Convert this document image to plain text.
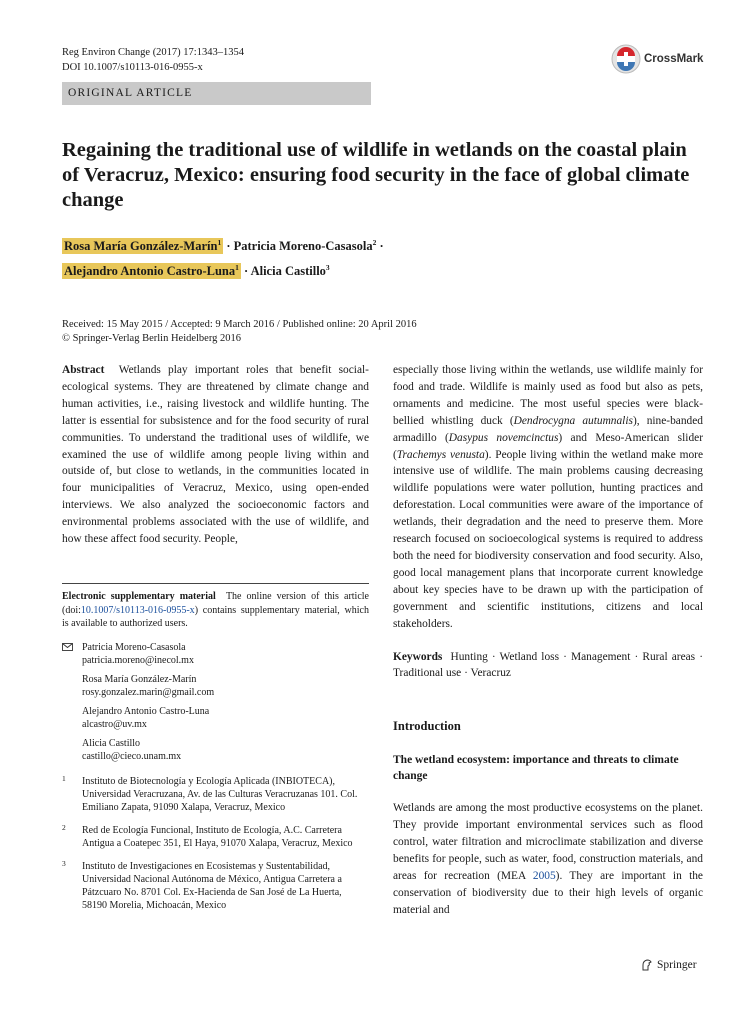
Reg Environ Change (2017) 17:1343–1354
DOI 10.1007/s10113-016-0955-x
CrossMark
ORIGINAL ARTICLE
Regaining the traditional use of wildlife in wetlands on the coastal plain of Veracruz, Mexico: ensuring food security in the face of global climate change
Rosa María González-Marín$^1$ · Patricia Moreno-Casasola$^2$ ·
Alejandro Antonio Castro-Luna$^1$ · Alicia Castillo$^3$
Received: 15 May 2015 / Accepted: 9 March 2016 / Published online: 20 April 2016
© Springer-Verlag Berlin Heidelberg 2016

Abstract Wetlands play important roles that benefit social-ecological systems. They are threatened by climate change and human activities, i.e., raising livestock and wildlife hunting. The latter is essential for subsistence and for the food security of rural communities. To understand the traditional uses of wildlife, we examined the use of wildlife among people living within and outside of, but close to wetlands, in the communities located in four municipalities of Veracruz, Mexico, using open-ended interviews. We also analyzed the socioeconomic factors and environmental problems associated with the use of wildlife, and how these affect food security. People,

Electronic supplementary material The online version of this article (doi:10.1007/s10113-016-0955-x) contains supplementary material, which is available to authorized users.
Patricia Moreno-Casasola
patricia.moreno@inecol.mx
Rosa María González-Marín
rosy.gonzalez.marin@gmail.com
Alejandro Antonio Castro-Luna
alcastro@uv.mx
Alicia Castillo
castillo@cieco.unam.mx
1 Instituto de Biotecnología y Ecología Aplicada (INBIOTECA), Universidad Veracruzana, Av. de las Culturas Veracruzanas 101. Col. Emiliano Zapata, 91090 Xalapa, Veracruz, Mexico
2 Red de Ecología Funcional, Instituto de Ecología, A.C. Carretera Antigua a Coatepec 351, El Haya, 91070 Xalapa, Veracruz, Mexico
3 Instituto de Investigaciones en Ecosistemas y Sustentabilidad, Universidad Nacional Autónoma de México, Antigua Carretera a Pátzcuaro No. 8701 Col. Ex-Hacienda de San José de La Huerta, 58190 Morelia, Michoacán, Mexico

especially those living within the wetlands, use wildlife mainly for food and trade. Wildlife is mainly used as food but also as pets, ornaments and medicine. The most useful species were black-bellied whistling duck (Dendrocygna autumnalis), nine-banded armadillo (Dasypus novemcinctus) and Meso-American slider (Trachemys venusta). People living within the wetland make more intensive use of wildlife. The main problems causing decreasing wildlife populations were water pollution, hunting practices and deforestation. Local communities were aware of the importance of wetlands, their degradation and the need to preserve them. More research focused on socioecological systems is required to address both the need for biodiversity conservation and food security. Also, good local management plans that incorporate current knowledge about key species have to be drawn up with the participation of government and scientific institutions, citizens and local stakeholders.

Keywords Hunting · Wetland loss · Management · Rural areas · Traditional use · Veracruz

Introduction
The wetland ecosystem: importance and threats to climate change

Wetlands are among the most productive ecosystems on the planet. They provide important environmental services such as flood control, water filtration and microclimate stabilization and diverse benefits for people, such as water, food, construction materials, and areas for recreation (MEA 2005). They are important in the conservation of biodiversity due to their high levels of organic material and

Springer
